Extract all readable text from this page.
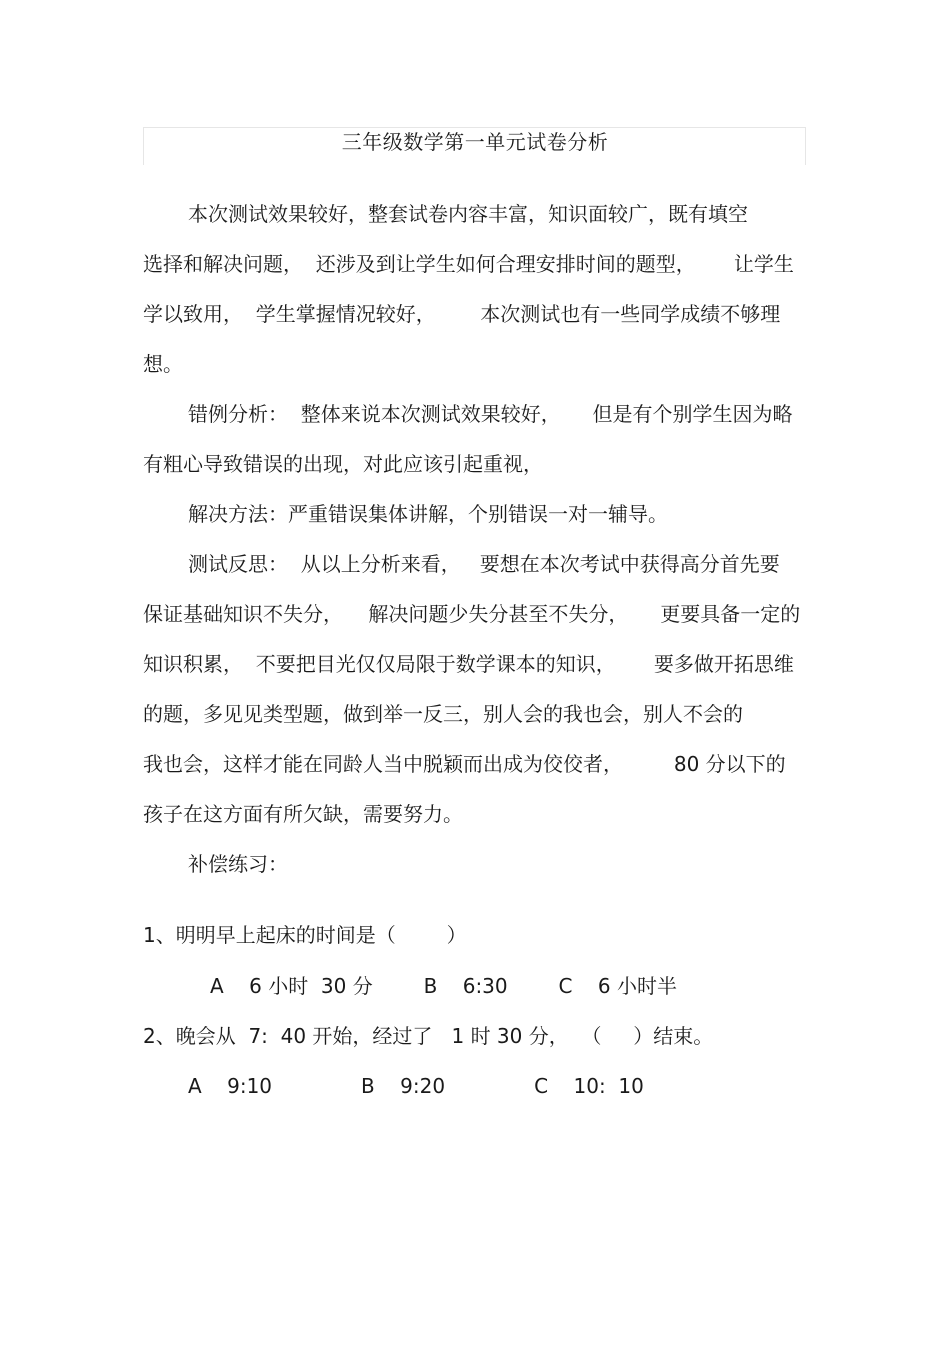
三年级数学第一单元试卷分析
本次测试效果较好，整套试卷内容丰富，知识面较广，既有填空
选择和解决问题，  还涉及到让学生如何合理安排时间的题型，      让学生
学以致用，  学生掌握情况较好，       本次测试也有一些同学成绩不够理
想。
错例分析：  整体来说本次测试效果较好，     但是有个别学生因为略
有粗心导致错误的出现，对此应该引起重视，
解决方法：严重错误集体讲解，个别错误一对一辅导。
测试反思：  从以上分析来看，   要想在本次考试中获得高分首先要
保证基础知识不失分，    解决问题少失分甚至不失分，     更要具备一定的
知识积累，  不要把目光仅仅局限于数学课本的知识，      要多做开拓思维
的题，多见见类型题，做到举一反三，别人会的我也会，别人不会的
我也会，这样才能在同龄人当中脱颖而出成为佼佼者，        80 分以下的
孩子在这方面有所欠缺，需要努力。
补偿练习：
1、明明早上起床的时间是（        ）
A    6 小时  30 分        B    6:30        C    6 小时半
2、晚会从  7:  40 开始，经过了   1 时 30 分，  （     ）结束。
A    9:10              B    9:20              C    10:  10
